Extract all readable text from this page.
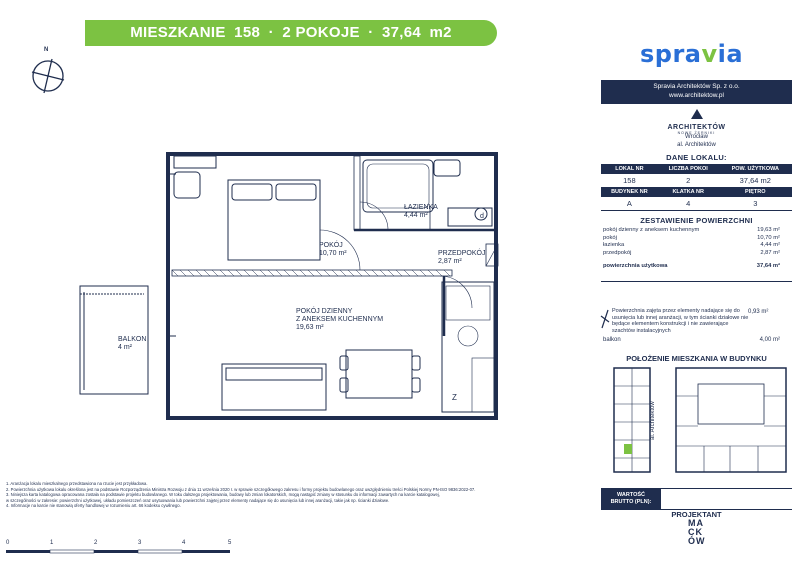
MIESZKANIE 158 · 2 POKOJE · 37,64 m2
N
d
Z
ŁAZIENKA
4,44 m²
POKÓJ
10,70 m²	PRZEDPOKÓJ
2,87 m²
POKÓJ DZIENNY
Z ANEKSEM KUCHENNYM
19,63 m²
BALKON
4 m²
spravia
Spravia Architektów Sp. z o.o.
www.architektow.pl
ARCHITEKTÓW
NOWE ŻERNIKI
Wrocław
al. Architektów
DANE LOKALU:
LOKAL NR	LICZBA POKOI	POW. UŻYTKOWA
158	2	37,64 m2
BUDYNEK NR	KLATKA NR	PIĘTRO
A	4	3
ZESTAWIENIE POWIERZCHNI
pokój dzienny z aneksem kuchennym	19,63 m²
pokój	10,70 m²
łazienka	4,44 m²
przedpokój	2,87 m²
powierzchnia użytkowa	37,64 m²
Powierzchnia zajęta przez elementy nadające się do usunięcia lub innej aranżacji, w tym ścianki działowe nie będące elementem konstrukcji i nie zawierające szachtów instalacyjnych
0,93 m²
balkon	4,00 m²
POŁOŻENIE MIESZKANIA W BUDYNKU
al. Architektów
WARTOŚĆ
BRUTTO (PLN):
PROJEKTANT
MA
CK
ÓW
1. Aranżacja lokalu mieszkalnego przedstawiona na rzucie jest przykładowa.
2. Powierzchnia użytkowa lokalu określona jest na podstawie Rozporządzenia Ministra Rozwoju z dnia 11 września 2020 r. w sprawie szczegółowego zakresu i formy projektu budowlanego oraz uwzględnieniu treści Polskiej Normy PN-ISO 9836:2022-07.
3. Niniejsza karta katalogowa opracowana została na podstawie projektu budowlanego. W toku dalszego projektowania, budowy lub zmian lokatorskich, mogą nastąpić zmiany w stosunku do informacji zawartych na karcie katalogowej,
w szczególności w zakresie: powierzchni użytkowej, układu pomieszczeń oraz usytuowania lub powierzchni zajętej przez elementy nadające się do usunięcia lub innej aranżacji, takie jak np. ścianki działowe.
4. Informacje na karcie nie stanowią oferty handlowej w rozumieniu art. 66 kodeksu cywilnego.
0	1	2	3	4	5
